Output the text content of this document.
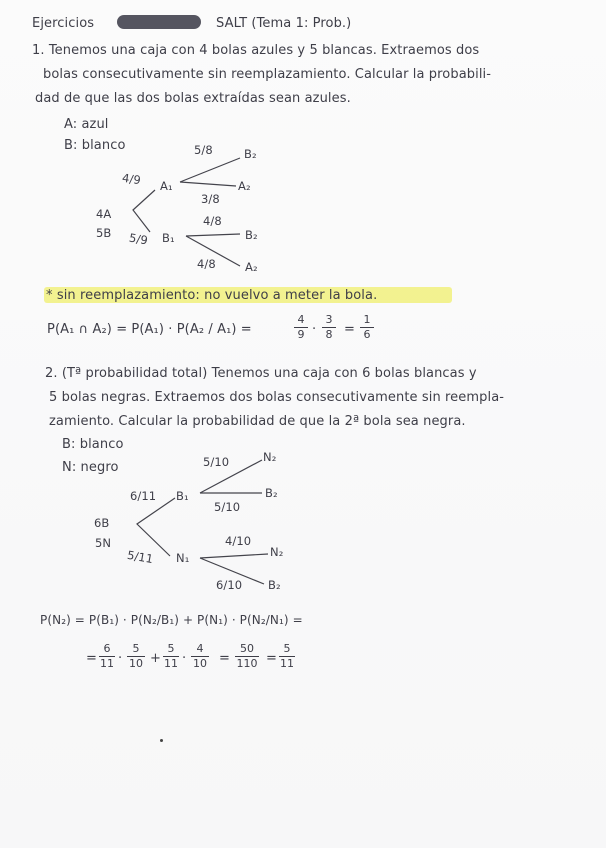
Ejercicios	SALT (Tema 1: Prob.)
1. Tenemos una caja con 4 bolas azules y 5 blancas. Extraemos dos
bolas consecutivamente sin reemplazamiento. Calcular la probabili-
dad de que las dos bolas extraídas sean azules.
A: azul
B: blanco
4/9 A₁
4A
5B 5/9 B₁
5/8	B₂
A₂
3/8
4/8
B₂
4/8	A₂
* sin reemplazamiento: no vuelvo a meter la bola.
P(A₁ ∩ A₂) = P(A₁) · P(A₂ / A₁) =
4
9 ·
3
8 =
1
6
2. (Tª probabilidad total) Tenemos una caja con 6 bolas blancas y
5 bolas negras. Extraemos dos bolas consecutivamente sin reempla-
zamiento. Calcular la probabilidad de que la 2ª bola sea negra.
B: blanco
N: negro
6/11 B₁
6B
5N
5/11 N₁
5/10	N₂
B₂
5/10
4/10
N₂
6/10 B₂
P(N₂) = P(B₁) · P(N₂/B₁) + P(N₁) · P(N₂/N₁) =
=
6
11 ·
5
10 +
5
11 ·
4
10 =
50
110 =
5
11
